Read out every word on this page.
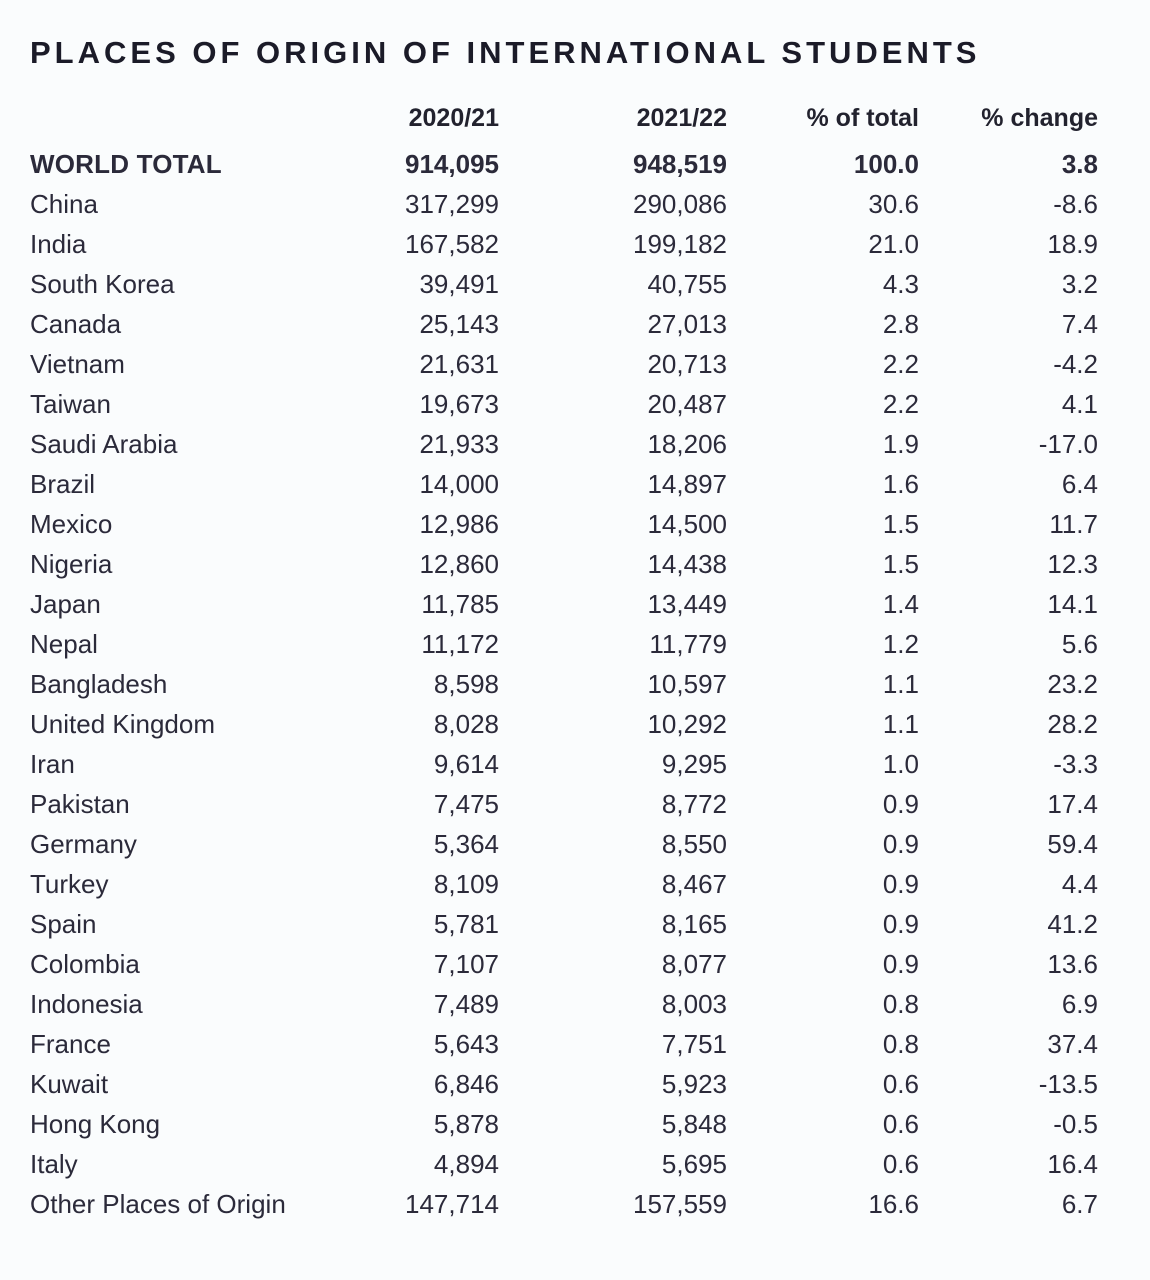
PLACES OF ORIGIN OF INTERNATIONAL STUDENTS
	2020/21	2021/22	% of total	% change
WORLD TOTAL	914,095	948,519	100.0	3.8
China	317,299	290,086	30.6	-8.6
India	167,582	199,182	21.0	18.9
South Korea	39,491	40,755	4.3	3.2
Canada	25,143	27,013	2.8	7.4
Vietnam	21,631	20,713	2.2	-4.2
Taiwan	19,673	20,487	2.2	4.1
Saudi Arabia	21,933	18,206	1.9	-17.0
Brazil	14,000	14,897	1.6	6.4
Mexico	12,986	14,500	1.5	11.7
Nigeria	12,860	14,438	1.5	12.3
Japan	11,785	13,449	1.4	14.1
Nepal	11,172	11,779	1.2	5.6
Bangladesh	8,598	10,597	1.1	23.2
United Kingdom	8,028	10,292	1.1	28.2
Iran	9,614	9,295	1.0	-3.3
Pakistan	7,475	8,772	0.9	17.4
Germany	5,364	8,550	0.9	59.4
Turkey	8,109	8,467	0.9	4.4
Spain	5,781	8,165	0.9	41.2
Colombia	7,107	8,077	0.9	13.6
Indonesia	7,489	8,003	0.8	6.9
France	5,643	7,751	0.8	37.4
Kuwait	6,846	5,923	0.6	-13.5
Hong Kong	5,878	5,848	0.6	-0.5
Italy	4,894	5,695	0.6	16.4
Other Places of Origin	147,714	157,559	16.6	6.7
